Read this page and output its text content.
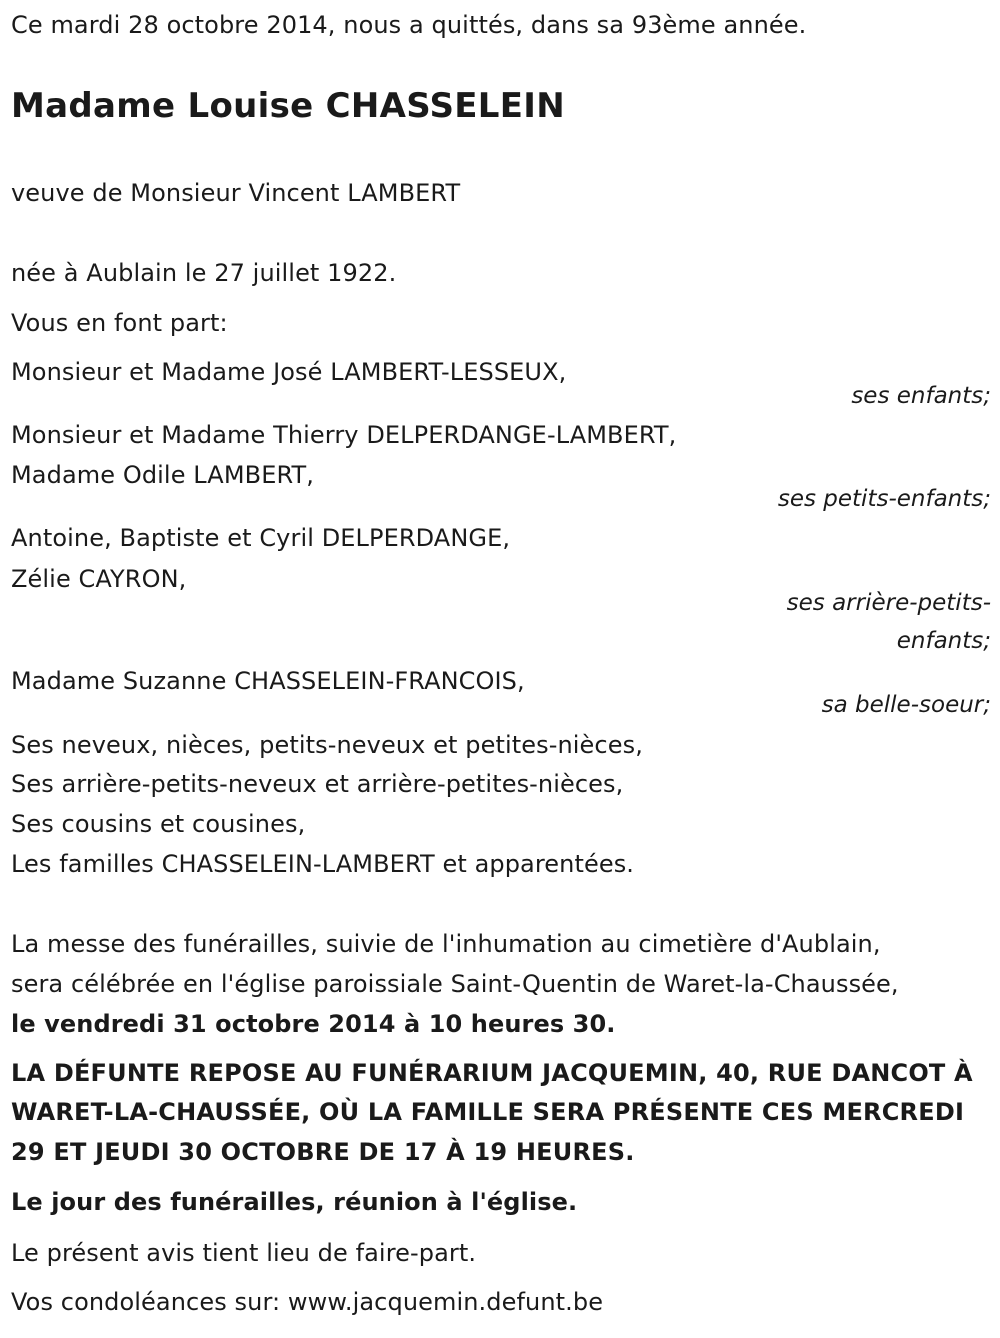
Ce mardi 28 octobre 2014, nous a quittés, dans sa 93ème année.
Madame Louise CHASSELEIN
veuve de Monsieur Vincent LAMBERT
née à Aublain le 27 juillet 1922.
Vous en font part:
Monsieur et Madame José LAMBERT-LESSEUX,
ses enfants;
Monsieur et Madame Thierry DELPERDANGE-LAMBERT,
Madame Odile LAMBERT,
ses petits-enfants;
Antoine, Baptiste et Cyril DELPERDANGE,
Zélie CAYRON,
ses arrière-petits-
enfants;
Madame Suzanne CHASSELEIN-FRANCOIS,
sa belle-soeur;
Ses neveux, nièces, petits-neveux et petites-nièces,
Ses arrière-petits-neveux et arrière-petites-nièces,
Ses cousins et cousines,
Les familles CHASSELEIN-LAMBERT et apparentées.
La messe des funérailles, suivie de l'inhumation au cimetière d'Aublain,
sera célébrée en l'église paroissiale Saint-Quentin de Waret-la-Chaussée,
le vendredi 31 octobre 2014 à 10 heures 30.
LA DÉFUNTE REPOSE AU FUNÉRARIUM JACQUEMIN, 40, RUE DANCOT À
WARET-LA-CHAUSSÉE, OÙ LA FAMILLE SERA PRÉSENTE CES MERCREDI
29 ET JEUDI 30 OCTOBRE DE 17 À 19 HEURES.
Le jour des funérailles, réunion à l'église.
Le présent avis tient lieu de faire-part.
Vos condoléances sur: www.jacquemin.defunt.be
